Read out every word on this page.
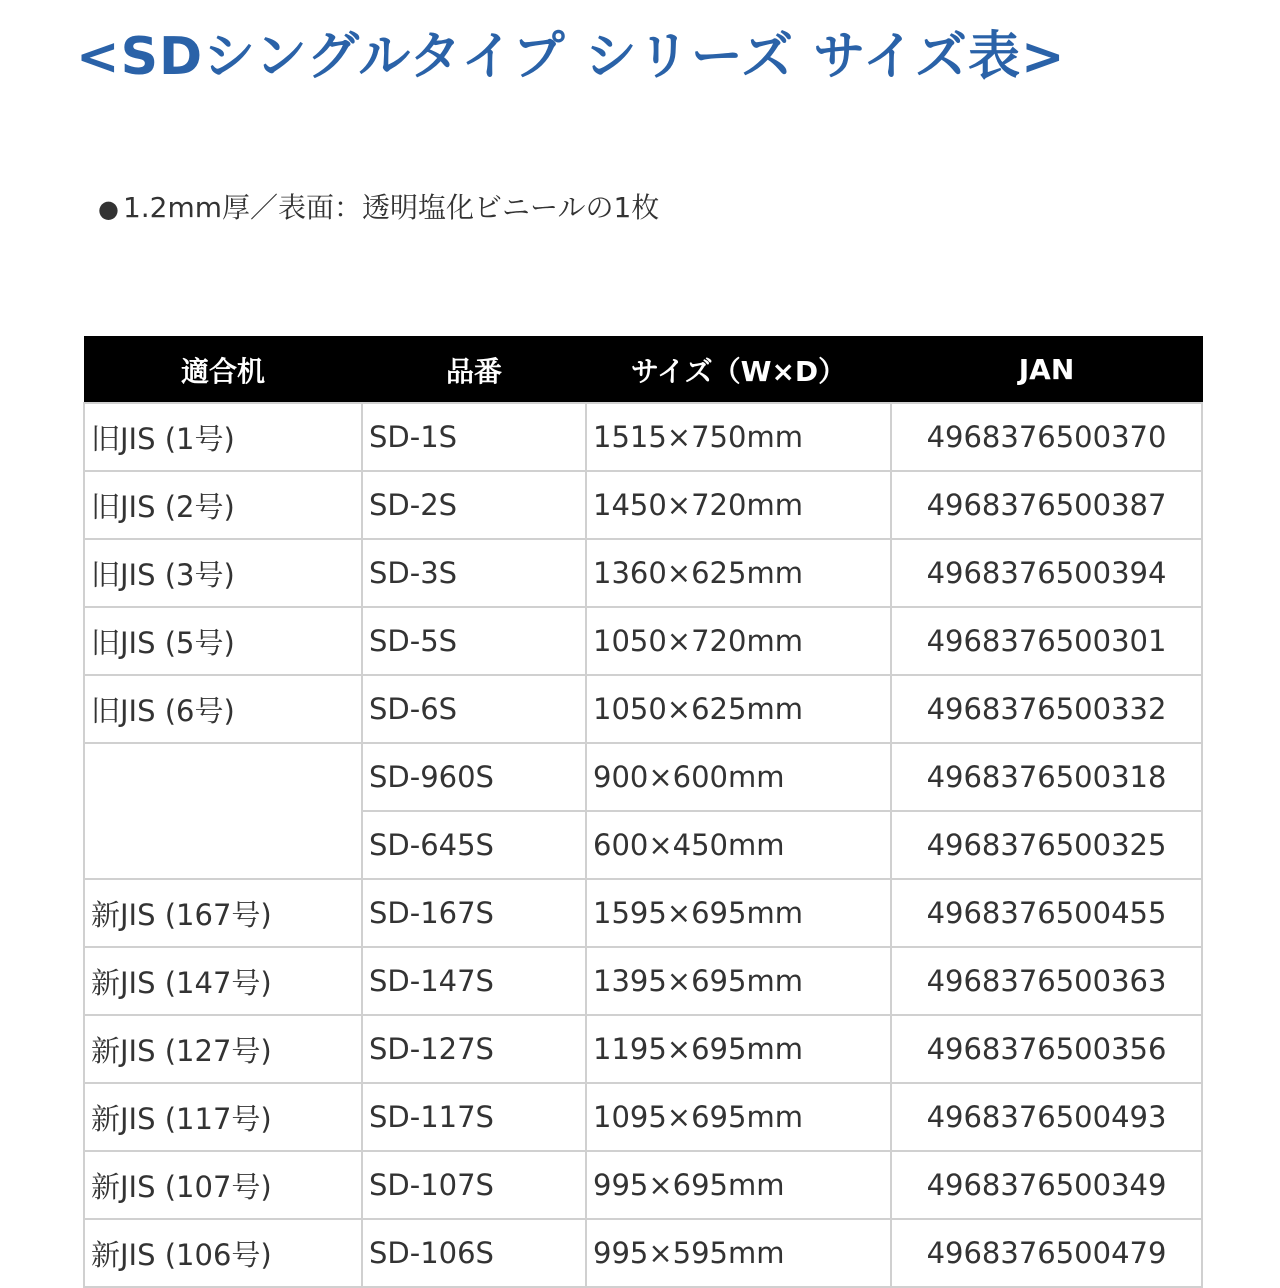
<SDシングルタイプ シリーズ サイズ表>
● 1.2mm厚／表面：透明塩化ビニールの1枚
適合机	品番	サイズ（W×D）	JAN
旧JIS (1号)	SD-1S	1515×750mm	4968376500370
旧JIS (2号)	SD-2S	1450×720mm	4968376500387
旧JIS (3号)	SD-3S	1360×625mm	4968376500394
旧JIS (5号)	SD-5S	1050×720mm	4968376500301
旧JIS (6号)	SD-6S	1050×625mm	4968376500332
	SD-960S	900×600mm	4968376500318
	SD-645S	600×450mm	4968376500325
新JIS (167号)	SD-167S	1595×695mm	4968376500455
新JIS (147号)	SD-147S	1395×695mm	4968376500363
新JIS (127号)	SD-127S	1195×695mm	4968376500356
新JIS (117号)	SD-117S	1095×695mm	4968376500493
新JIS (107号)	SD-107S	995×695mm	4968376500349
新JIS (106号)	SD-106S	995×595mm	4968376500479
